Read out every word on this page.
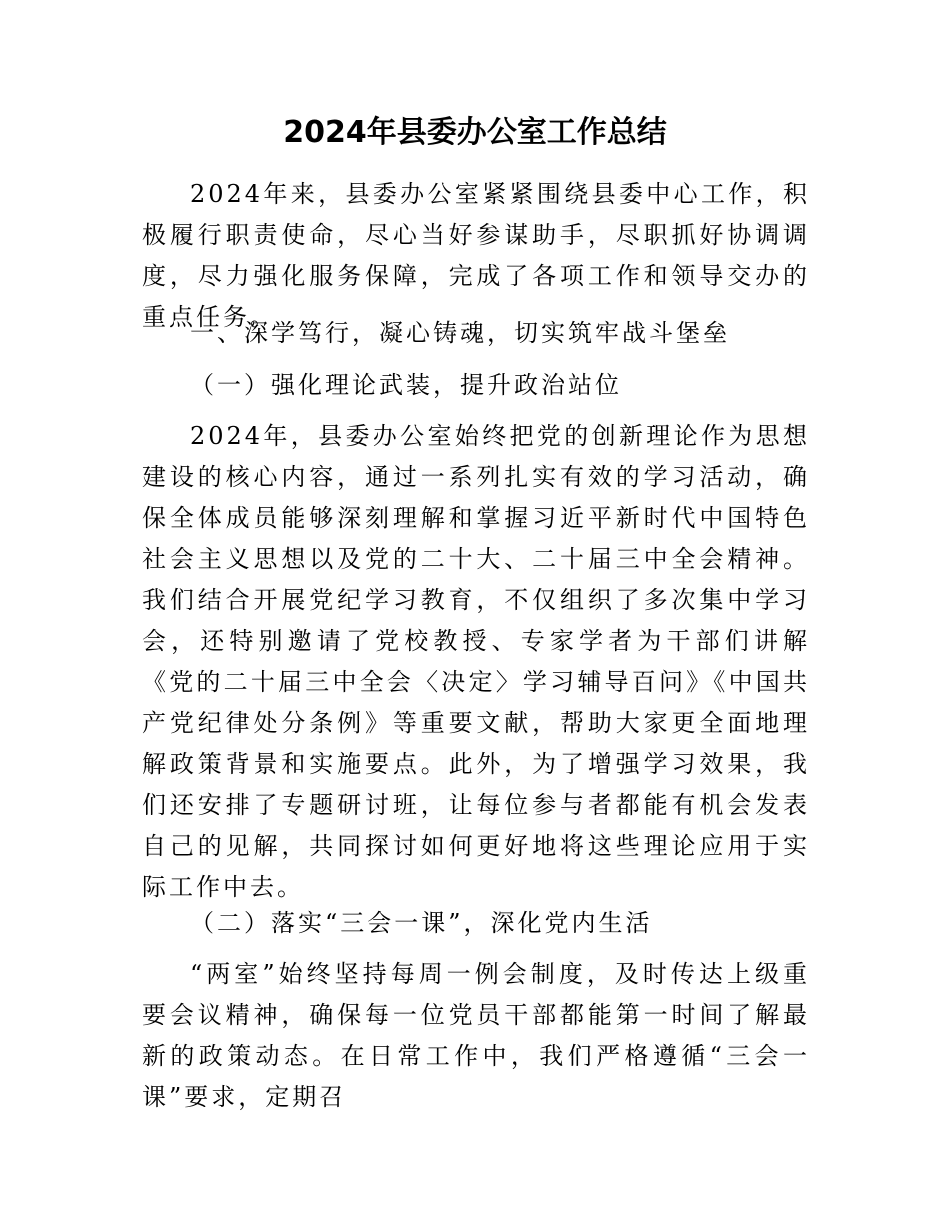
2024年县委办公室工作总结
2024年来，县委办公室紧紧围绕县委中心工作，积极履行职责使命，尽心当好参谋助手，尽职抓好协调调度，尽力强化服务保障，完成了各项工作和领导交办的重点任务。
一、深学笃行，凝心铸魂，切实筑牢战斗堡垒
（一）强化理论武装，提升政治站位
2024年，县委办公室始终把党的创新理论作为思想建设的核心内容，通过一系列扎实有效的学习活动，确保全体成员能够深刻理解和掌握习近平新时代中国特色社会主义思想以及党的二十大、二十届三中全会精神。我们结合开展党纪学习教育，不仅组织了多次集中学习会，还特别邀请了党校教授、专家学者为干部们讲解《党的二十届三中全会〈决定〉学习辅导百问》《中国共产党纪律处分条例》等重要文献，帮助大家更全面地理解政策背景和实施要点。此外，为了增强学习效果，我们还安排了专题研讨班，让每位参与者都能有机会发表自己的见解，共同探讨如何更好地将这些理论应用于实际工作中去。
（二）落实“三会一课”，深化党内生活
“两室”始终坚持每周一例会制度，及时传达上级重要会议精神，确保每一位党员干部都能第一时间了解最新的政策动态。在日常工作中，我们严格遵循“三会一课”要求，定期召
